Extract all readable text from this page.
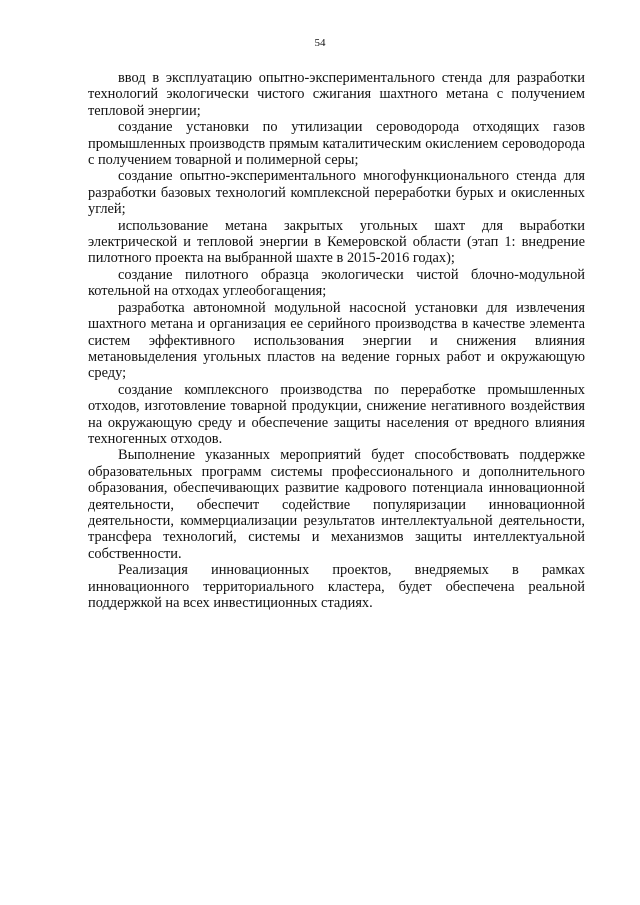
54

ввод в эксплуатацию опытно-экспериментального стенда для разработки технологий экологически чистого сжигания шахтного метана с получением тепловой энергии;

создание установки по утилизации сероводорода отходящих газов промышленных производств прямым каталитическим окислением сероводорода с получением товарной и полимерной серы;

создание опытно-экспериментального многофункционального стенда для разработки базовых технологий комплексной переработки бурых и окисленных углей;

использование метана закрытых угольных шахт для выработки электрической и тепловой энергии в Кемеровской области (этап 1: внедрение пилотного проекта на выбранной шахте в 2015-2016 годах);

создание пилотного образца экологически чистой блочно-модульной котельной на отходах углеобогащения;

разработка автономной модульной насосной установки для извлечения шахтного метана и организация ее серийного производства в качестве элемента систем эффективного использования энергии и снижения влияния метановыделения угольных пластов на ведение горных работ и окружающую среду;

создание комплексного производства по переработке промышленных отходов, изготовление товарной продукции, снижение негативного воздействия на окружающую среду и обеспечение защиты населения от вредного влияния техногенных отходов.

Выполнение указанных мероприятий будет способствовать поддержке образовательных программ системы профессионального и дополнительного образования, обеспечивающих развитие кадрового потенциала инновационной деятельности, обеспечит содействие популяризации инновационной деятельности, коммерциализации результатов интеллектуальной деятельности, трансфера технологий, системы и механизмов защиты интеллектуальной собственности.

Реализация инновационных проектов, внедряемых в рамках инновационного территориального кластера, будет обеспечена реальной поддержкой на всех инвестиционных стадиях.
